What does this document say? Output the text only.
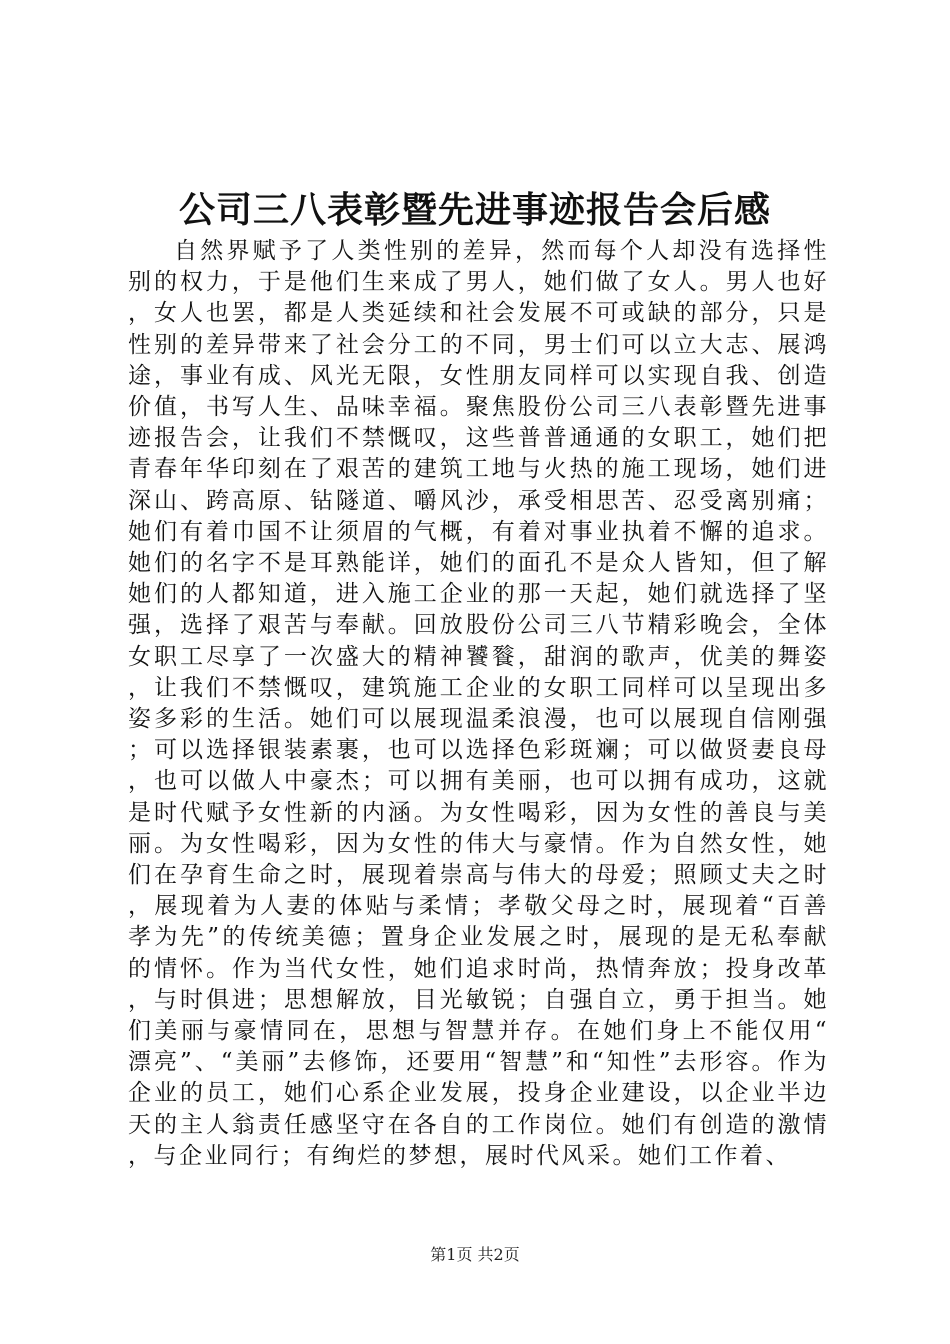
公司三八表彰暨先进事迹报告会后感

自然界赋予了人类性别的差异，然而每个人却没有选择性别的权力，于是他们生来成了男人，她们做了女人。男人也好，女人也罢，都是人类延续和社会发展不可或缺的部分，只是性别的差异带来了社会分工的不同，男士们可以立大志、展鸿途，事业有成、风光无限，女性朋友同样可以实现自我、创造价值，书写人生、品味幸福。聚焦股份公司三八表彰暨先进事迹报告会，让我们不禁慨叹，这些普普通通的女职工，她们把青春年华印刻在了艰苦的建筑工地与火热的施工现场，她们进深山、跨高原、钻隧道、嚼风沙，承受相思苦、忍受离别痛；她们有着巾国不让须眉的气概，有着对事业执着不懈的追求。她们的名字不是耳熟能详，她们的面孔不是众人皆知，但了解她们的人都知道，进入施工企业的那一天起，她们就选择了坚强，选择了艰苦与奉献。回放股份公司三八节精彩晚会，全体女职工尽享了一次盛大的精神饕餮，甜润的歌声，优美的舞姿，让我们不禁慨叹，建筑施工企业的女职工同样可以呈现出多姿多彩的生活。她们可以展现温柔浪漫，也可以展现自信刚强；可以选择银装素裹，也可以选择色彩斑斓；可以做贤妻良母，也可以做人中豪杰；可以拥有美丽，也可以拥有成功，这就是时代赋予女性新的内涵。为女性喝彩，因为女性的善良与美丽。为女性喝彩，因为女性的伟大与豪情。作为自然女性，她们在孕育生命之时，展现着崇高与伟大的母爱；照顾丈夫之时，展现着为人妻的体贴与柔情；孝敬父母之时，展现着“百善孝为先”的传统美德；置身企业发展之时，展现的是无私奉献的情怀。作为当代女性，她们追求时尚，热情奔放；投身改革，与时俱进；思想解放，目光敏锐；自强自立，勇于担当。她们美丽与豪情同在，思想与智慧并存。在她们身上不能仅用“漂亮”、“美丽”去修饰，还要用“智慧”和“知性”去形容。作为企业的员工，她们心系企业发展，投身企业建设，以企业半边天的主人翁责任感坚守在各自的工作岗位。她们有创造的激情，与企业同行；有绚烂的梦想，展时代风采。她们工作着、

第1页 共2页
